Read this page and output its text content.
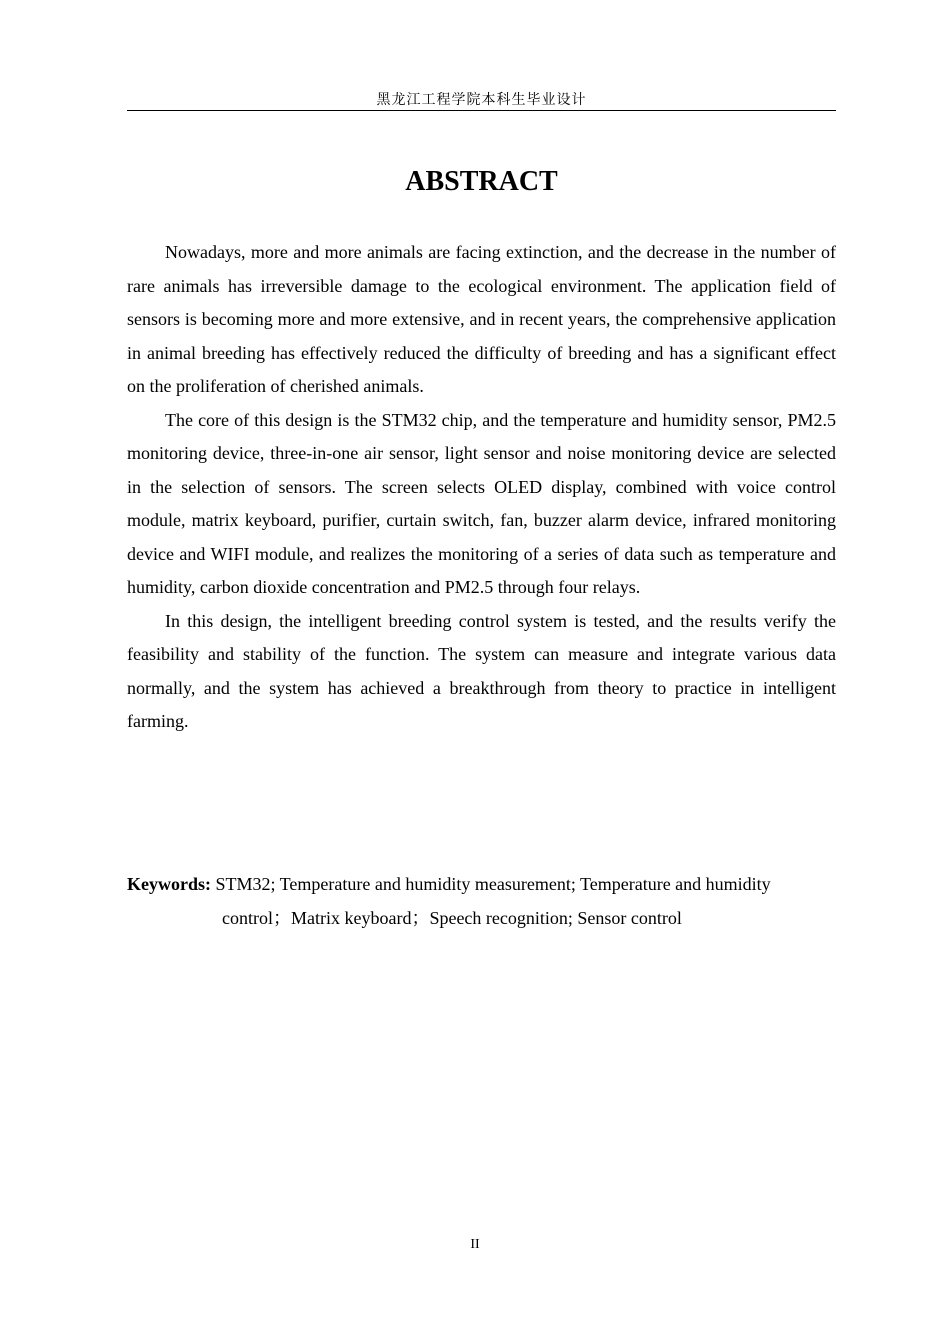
黑龙江工程学院本科生毕业设计
ABSTRACT

Nowadays, more and more animals are facing extinction, and the decrease in the number of rare animals has irreversible damage to the ecological environment. The application field of sensors is becoming more and more extensive, and in recent years, the comprehensive application in animal breeding has effectively reduced the difficulty of breeding and has a significant effect on the proliferation of cherished animals.

The core of this design is the STM32 chip, and the temperature and humidity sensor, PM2.5 monitoring device, three-in-one air sensor, light sensor and noise monitoring device are selected in the selection of sensors. The screen selects OLED display, combined with voice control module, matrix keyboard, purifier, curtain switch, fan, buzzer alarm device, infrared monitoring device and WIFI module, and realizes the monitoring of a series of data such as temperature and humidity, carbon dioxide concentration and PM2.5 through four relays.

In this design, the intelligent breeding control system is tested, and the results verify the feasibility and stability of the function. The system can measure and integrate various data normally, and the system has achieved a breakthrough from theory to practice in intelligent farming.

Keywords: STM32; Temperature and humidity measurement; Temperature and humidity control；Matrix keyboard；Speech recognition; Sensor control
II
